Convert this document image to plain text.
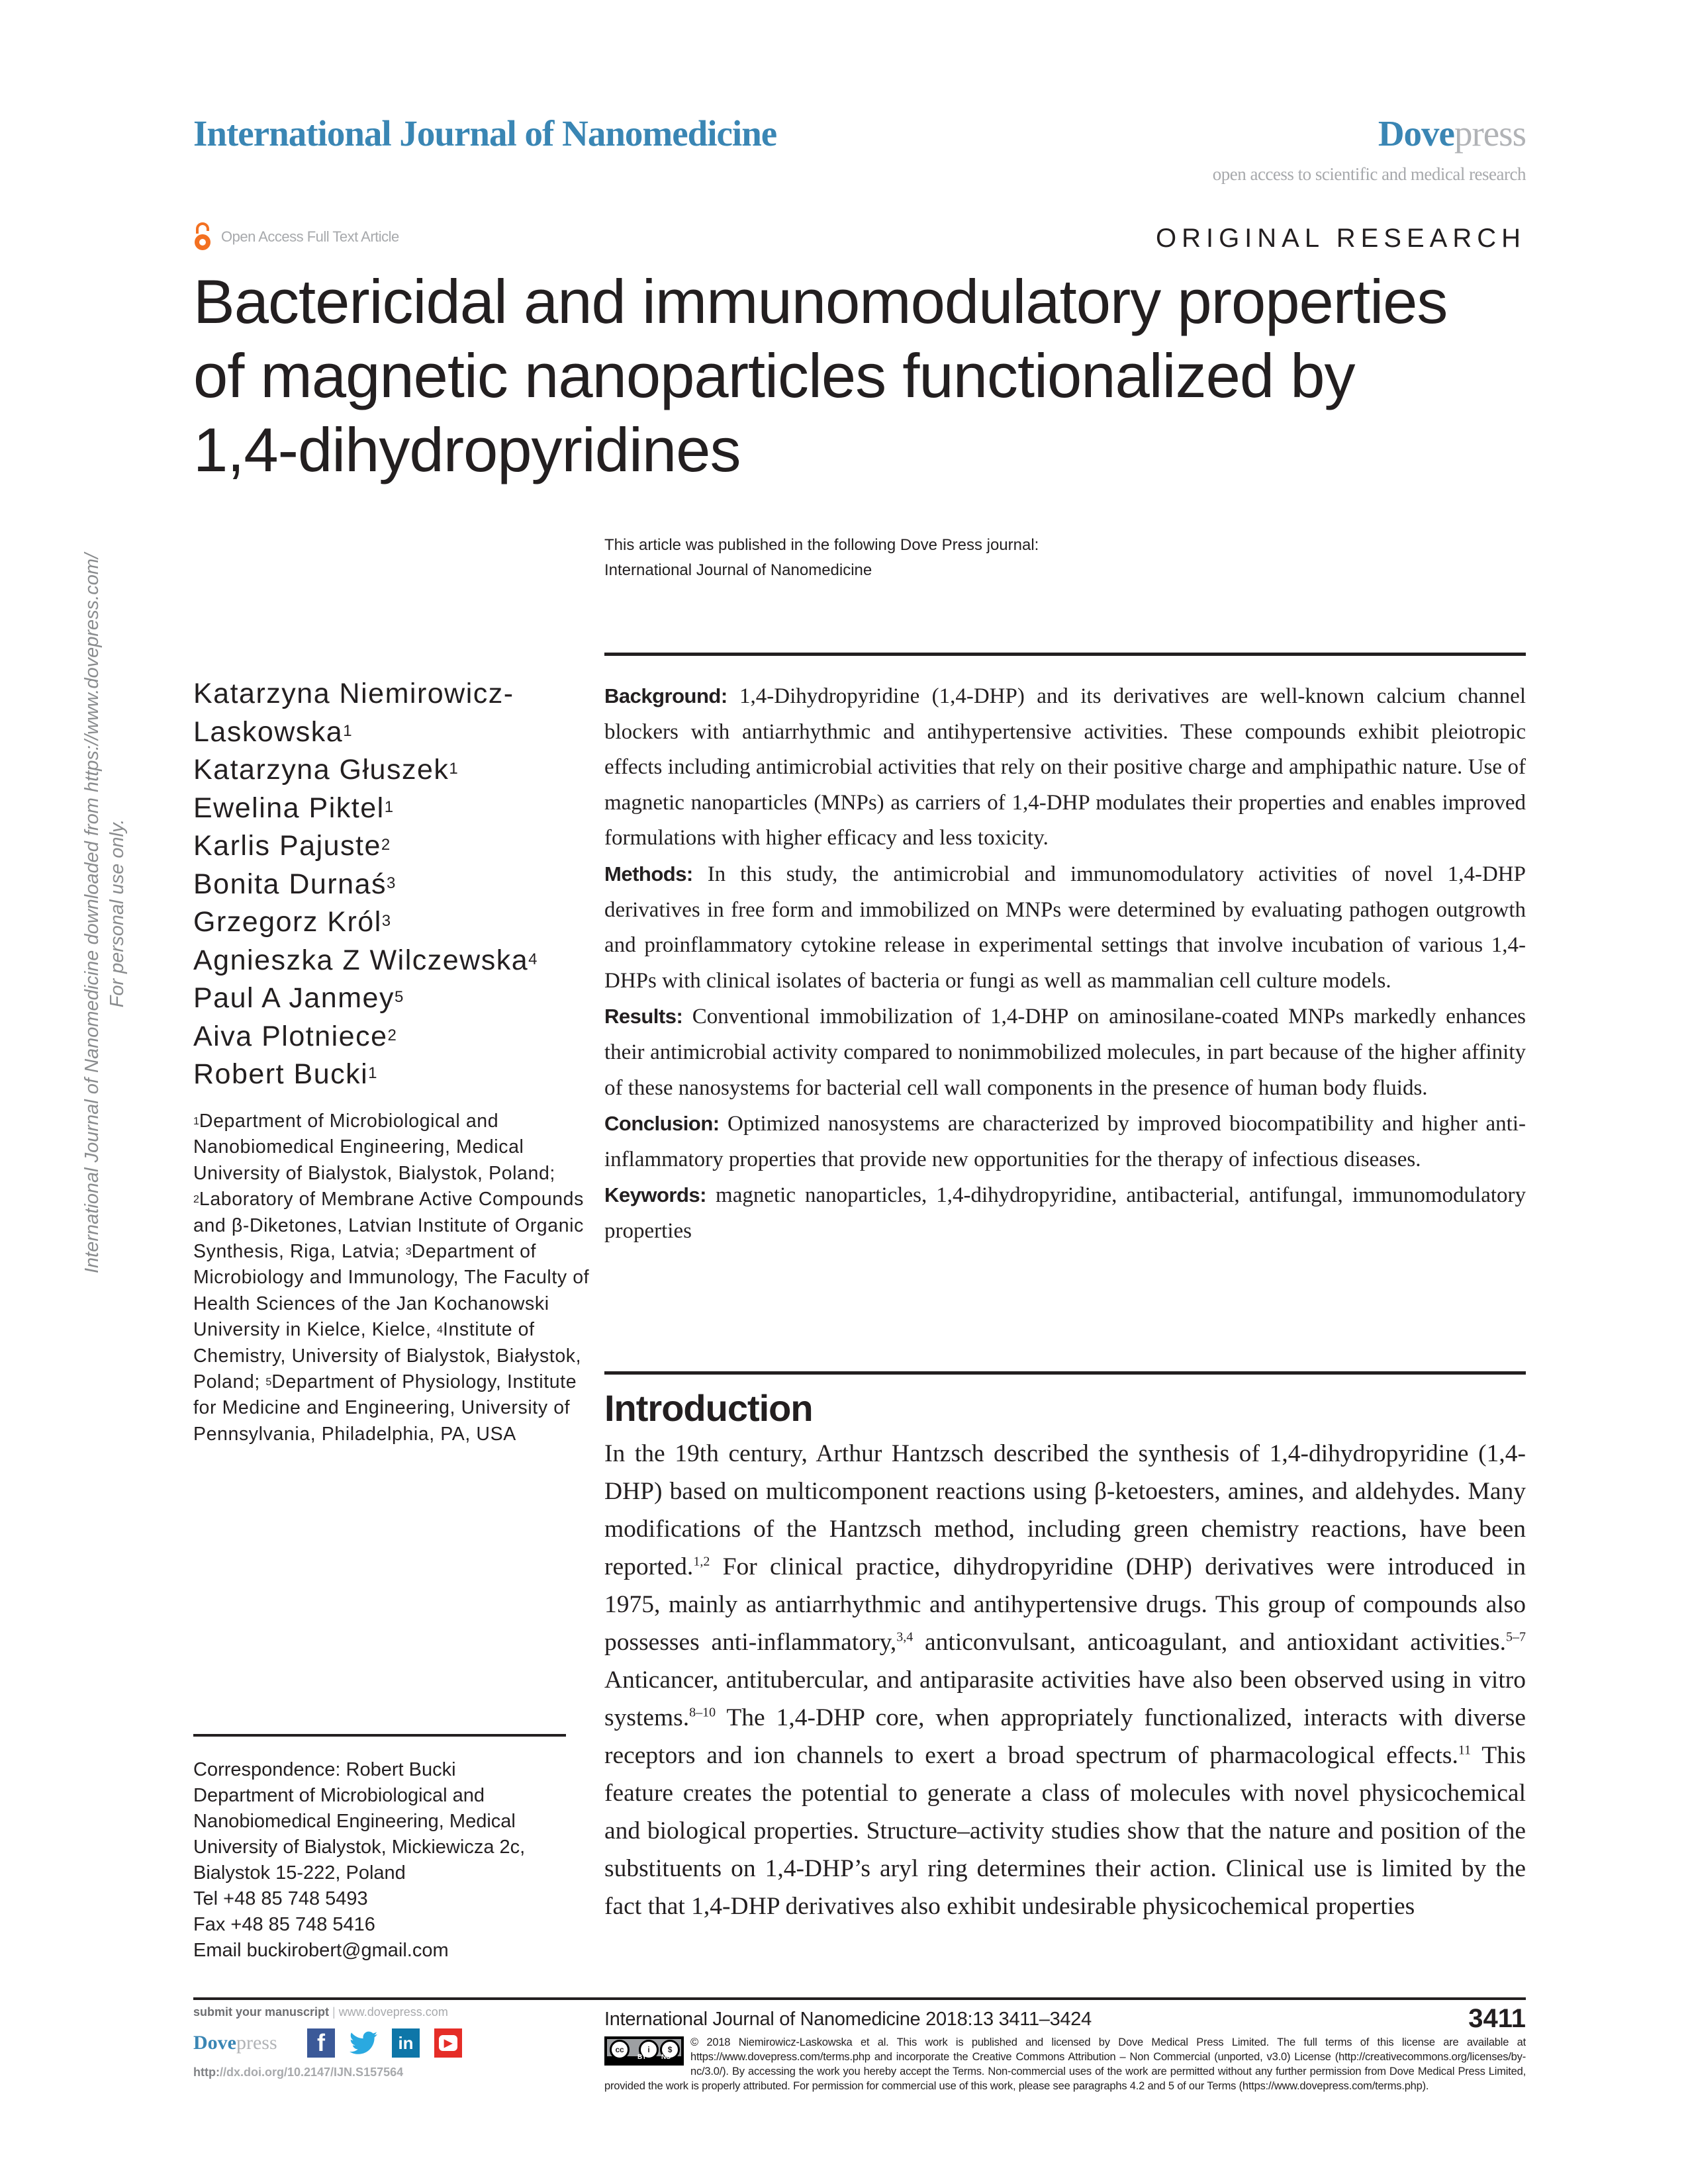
International Journal of Nanomedicine	Dovepress
open access to scientific and medical research
Open Access Full Text Article	ORIGINAL RESEARCH
Bactericidal and immunomodulatory properties
of magnetic nanoparticles functionalized by
1,4-dihydropyridines
This article was published in the following Dove Press journal:
International Journal of Nanomedicine
International Journal of Nanomedicine downloaded from https://www.dovepress.com/ For personal use only.
Katarzyna Niemirowicz-
Laskowska$^1$
Katarzyna Głuszek$^1$
Ewelina Piktel$^1$
Karlis Pajuste$^2$
Bonita Durnaś$^3$
Grzegorz Król$^3$
Agnieszka Z Wilczewska$^4$
Paul A Janmey$^5$
Aiva Plotniece$^2$
Robert Bucki$^1$
$^1$Department of Microbiological and Nanobiomedical Engineering, Medical University of Bialystok, Bialystok, Poland; $^2$Laboratory of Membrane Active Compounds and β-Diketones, Latvian Institute of Organic Synthesis, Riga, Latvia; $^3$Department of Microbiology and Immunology, The Faculty of Health Sciences of the Jan Kochanowski University in Kielce, Kielce, $^4$Institute of Chemistry, University of Bialystok, Białystok, Poland; $^5$Department of Physiology, Institute for Medicine and Engineering, University of Pennsylvania, Philadelphia, PA, USA
Correspondence: Robert Bucki
Department of Microbiological and
Nanobiomedical Engineering, Medical
University of Bialystok, Mickiewicza 2c,
Bialystok 15-222, Poland
Tel +48 85 748 5493
Fax +48 85 748 5416
Email buckirobert@gmail.com

Background: 1,4-Dihydropyridine (1,4-DHP) and its derivatives are well-known calcium channel blockers with antiarrhythmic and antihypertensive activities. These compounds exhibit pleiotropic effects including antimicrobial activities that rely on their positive charge and amphipathic nature. Use of magnetic nanoparticles (MNPs) as carriers of 1,4-DHP modulates their properties and enables improved formulations with higher efficacy and less toxicity.

Methods: In this study, the antimicrobial and immunomodulatory activities of novel 1,4-DHP derivatives in free form and immobilized on MNPs were determined by evaluating pathogen outgrowth and proinflammatory cytokine release in experimental settings that involve incubation of various 1,4-DHPs with clinical isolates of bacteria or fungi as well as mammalian cell culture models.

Results: Conventional immobilization of 1,4-DHP on aminosilane-coated MNPs markedly enhances their antimicrobial activity compared to nonimmobilized molecules, in part because of the higher affinity of these nanosystems for bacterial cell wall components in the presence of human body fluids.

Conclusion: Optimized nanosystems are characterized by improved biocompatibility and higher anti-inflammatory properties that provide new opportunities for the therapy of infectious diseases.

Keywords: magnetic nanoparticles, 1,4-dihydropyridine, antibacterial, antifungal, immunomodulatory properties

Introduction
In the 19th century, Arthur Hantzsch described the synthesis of 1,4-dihydropyridine (1,4-DHP) based on multicomponent reactions using β-ketoesters, amines, and aldehydes. Many modifications of the Hantzsch method, including green chemistry reactions, have been reported.$^{1,2}$ For clinical practice, dihydropyridine (DHP) derivatives were introduced in 1975, mainly as antiarrhythmic and antihypertensive drugs. This group of compounds also possesses anti-inflammatory,$^{3,4}$ anticonvulsant, anticoagulant, and antioxidant activities.$^{5-7}$ Anticancer, antitubercular, and antiparasite activities have also been observed using in vitro systems.$^{8-10}$ The 1,4-DHP core, when appropriately functionalized, interacts with diverse receptors and ion channels to exert a broad spectrum of pharmacological effects.$^{11}$ This feature creates the potential to generate a class of molecules with novel physicochemical and biological properties. Structure–activity studies show that the nature and position of the substituents on 1,4-DHP’s aryl ring determines their action. Clinical use is limited by the fact that 1,4-DHP derivatives also exhibit undesirable physicochemical properties
submit your manuscript | www.dovepress.com
Dovepress	f	in	▶
http://dx.doi.org/10.2147/IJN.S157564
International Journal of Nanomedicine 2018:13 3411–3424	3411
cc	i	$
BY NC
© 2018 Niemirowicz-Laskowska et al. This work is published and licensed by Dove Medical Press Limited. The full terms of this license are available at https://www.dovepress.com/terms.php and incorporate the Creative Commons Attribution – Non Commercial (unported, v3.0) License (http://creativecommons.org/licenses/by-nc/3.0/). By accessing the work you hereby accept the Terms. Non-commercial uses of the work are permitted without any further permission from Dove Medical Press Limited, provided the work is properly attributed. For permission for commercial use of this work, please see paragraphs 4.2 and 5 of our Terms (https://www.dovepress.com/terms.php).
